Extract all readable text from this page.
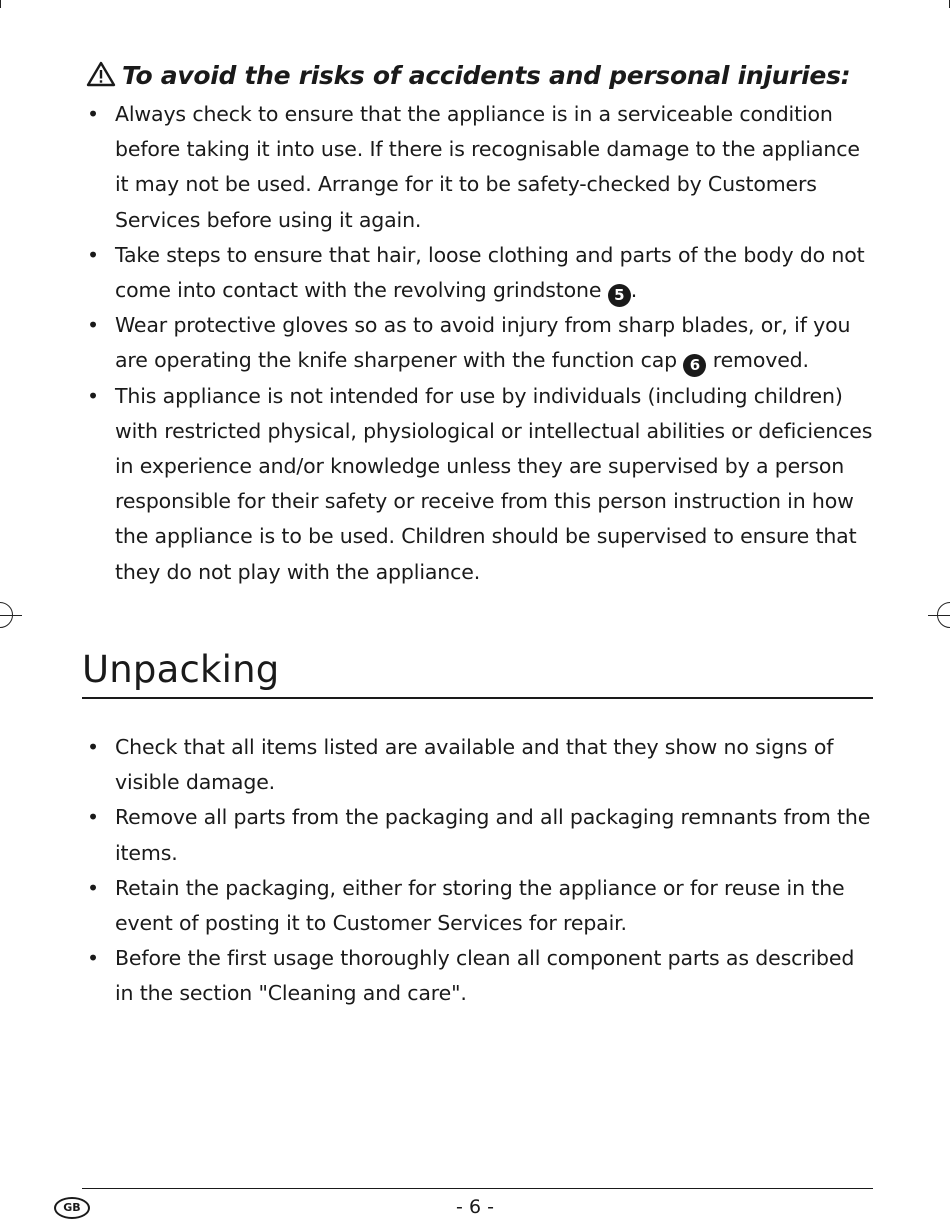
To avoid the risks of accidents and personal injuries:
• Always check to ensure that the appliance is in a serviceable condition before taking it into use. If there is recognisable damage to the appliance it may not be used. Arrange for it to be safety-checked by Customers Services before using it again.
• Take steps to ensure that hair, loose clothing and parts of the body do not come into contact with the revolving grindstone 5 .
• Wear protective gloves so as to avoid injury from sharp blades, or, if you are operating the knife sharpener with the function cap 6 removed.
• This appliance is not intended for use by individuals (including children) with restricted physical, physiological or intellectual abilities or deficiences in experience and/or knowledge unless they are supervised by a person responsible for their safety or receive from this person instruction in how the appliance is to be used. Children should be supervised to ensure that they do not play with the appliance.
Unpacking
• Check that all items listed are available and that they show no signs of visible damage.
• Remove all parts from the packaging and all packaging remnants from the items.
• Retain the packaging, either for storing the appliance or for reuse in the event of posting it to Customer Services for repair.
• Before the first usage thoroughly clean all component parts as described in the section "Cleaning and care".
GB	- 6 -
